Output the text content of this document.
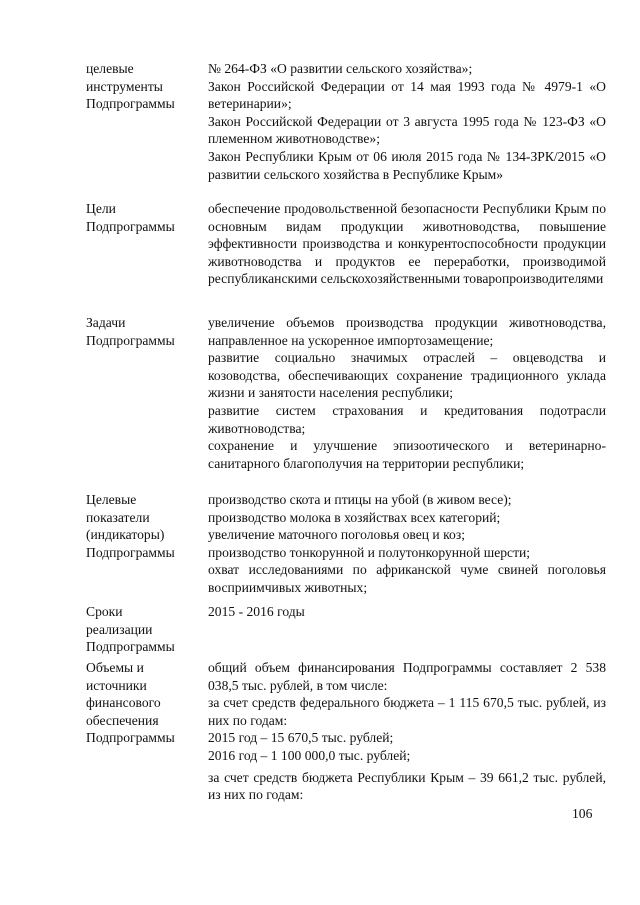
целевые
инструменты
Подпрограммы

№ 264-ФЗ «О развитии сельского хозяйства»;

Закон Российской Федерации от 14 мая 1993 года № 4979-1 «О ветеринарии»;

Закон Российской Федерации от 3 августа 1995 года № 123-ФЗ «О племенном животноводстве»;

Закон Республики Крым от 06 июля 2015 года № 134-ЗРК/2015 «О развитии сельского хозяйства в Республике Крым»

Цели
Подпрограммы

обеспечение продовольственной безопасности Республики Крым по основным видам продукции животноводства, повышение эффективности производства и конкурентоспособности продукции животноводства и продуктов ее переработки, производимой республиканскими сельскохозяйственными товаропроизводителями

Задачи
Подпрограммы

увеличение объемов производства продукции животноводства, направленное на ускоренное импортозамещение;

развитие социально значимых отраслей – овцеводства и козоводства, обеспечивающих сохранение традиционного уклада жизни и занятости населения республики;

развитие систем страхования и кредитования подотрасли животноводства;

сохранение и улучшение эпизоотического и ветеринарно-санитарного благополучия на территории республики;

Целевые
показатели
(индикаторы)
Подпрограммы

производство скота и птицы на убой (в живом весе);

производство молока в хозяйствах всех категорий;

увеличение маточного поголовья овец и коз;

производство тонкорунной и полутонкорунной шерсти;

охват исследованиями по африканской чуме свиней поголовья восприимчивых животных;

Сроки
реализации
Подпрограммы

2015 - 2016 годы

Объемы и
источники
финансового
обеспечения
Подпрограммы

общий объем финансирования Подпрограммы составляет 2 538 038,5 тыс. рублей, в том числе:

за счет средств федерального бюджета – 1 115 670,5 тыс. рублей, из них по годам:

2015 год – 15 670,5 тыс. рублей;

2016 год – 1 100 000,0 тыс. рублей;

за счет средств бюджета Республики Крым – 39 661,2 тыс. рублей, из них по годам:

106
